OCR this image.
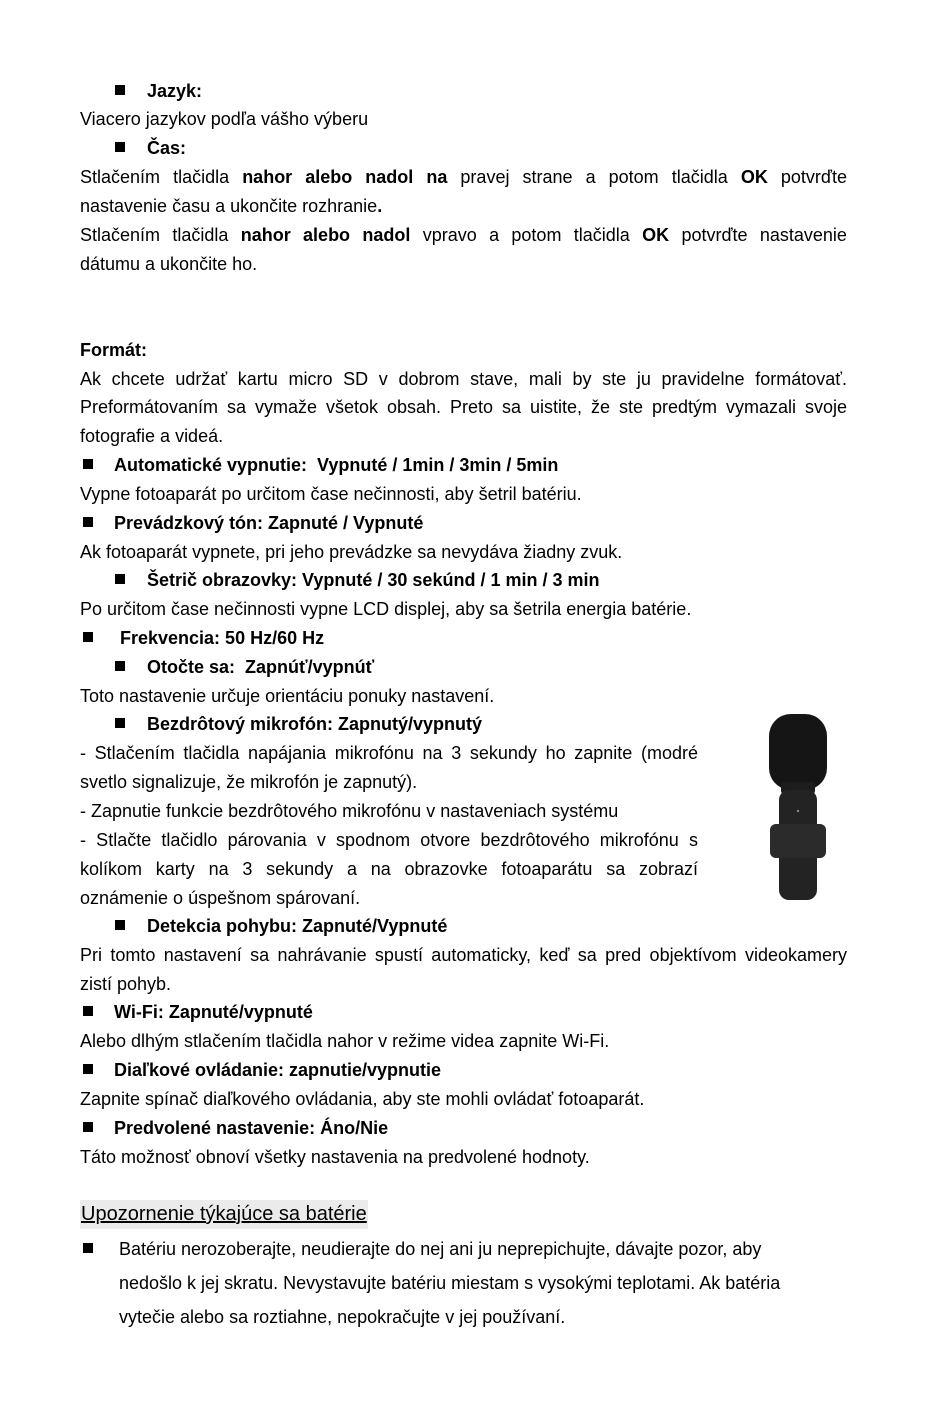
Jazyk:

Viacero jazykov podľa vášho výberu

Čas:

Stlačením tlačidla nahor alebo nadol na pravej strane a potom tlačidla OK potvrďte

nastavenie času a ukončite rozhranie.

Stlačením tlačidla nahor alebo nadol vpravo a potom tlačidla OK potvrďte nastavenie

dátumu a ukončite ho.

Formát:

Ak chcete udržať kartu micro SD v dobrom stave, mali by ste ju pravidelne formátovať.

Preformátovaním sa vymaže všetok obsah. Preto sa uistite, že ste predtým vymazali svoje

fotografie a videá.

Automatické vypnutie:  Vypnuté / 1min / 3min / 5min

Vypne fotoaparát po určitom čase nečinnosti, aby šetril batériu.

Prevádzkový tón: Zapnuté / Vypnuté

Ak fotoaparát vypnete, pri jeho prevádzke sa nevydáva žiadny zvuk.

Šetrič obrazovky: Vypnuté / 30 sekúnd / 1 min / 3 min

Po určitom čase nečinnosti vypne LCD displej, aby sa šetrila energia batérie.

Frekvencia: 50 Hz/60 Hz

Otočte sa:  Zapnúť/vypnúť

Toto nastavenie určuje orientáciu ponuky nastavení.

Bezdrôtový mikrofón: Zapnutý/vypnutý

- Stlačením tlačidla napájania mikrofónu na 3 sekundy ho zapnite (modré

svetlo signalizuje, že mikrofón je zapnutý).

- Zapnutie funkcie bezdrôtového mikrofónu v nastaveniach systému

- Stlačte tlačidlo párovania v spodnom otvore bezdrôtového mikrofónu s

kolíkom karty na 3 sekundy a na obrazovke fotoaparátu sa zobrazí

oznámenie o úspešnom spárovaní.

Detekcia pohybu: Zapnuté/Vypnuté

Pri tomto nastavení sa nahrávanie spustí automaticky, keď sa pred objektívom videokamery

zistí pohyb.

Wi-Fi: Zapnuté/vypnuté

Alebo dlhým stlačením tlačidla nahor v režime videa zapnite Wi-Fi.

Diaľkové ovládanie: zapnutie/vypnutie

Zapnite spínač diaľkového ovládania, aby ste mohli ovládať fotoaparát.

Predvolené nastavenie: Áno/Nie

Táto možnosť obnoví všetky nastavenia na predvolené hodnoty.

Upozornenie týkajúce sa batérie

Batériu nerozoberajte, neudierajte do nej ani ju neprepichujte, dávajte pozor, aby
nedošlo k jej skratu. Nevystavujte batériu miestam s vysokými teplotami. Ak batéria
vytečie alebo sa roztiahne, nepokračujte v jej používaní.
